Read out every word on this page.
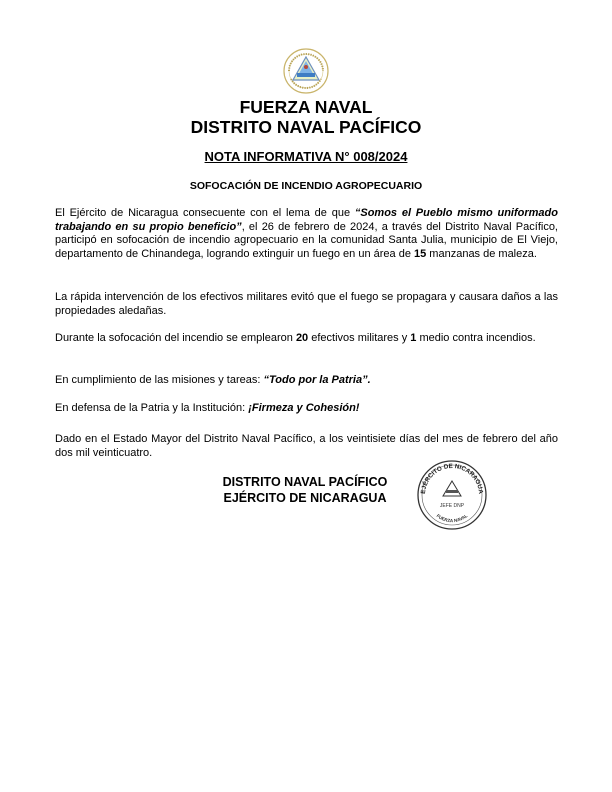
FUERZA NAVAL
DISTRITO NAVAL PACÍFICO
NOTA INFORMATIVA N° 008/2024
SOFOCACIÓN DE INCENDIO AGROPECUARIO
El Ejército de Nicaragua consecuente con el lema de que “Somos el Pueblo mismo uniformado trabajando en su propio beneficio”, el 26 de febrero de 2024, a través del Distrito Naval Pacífico, participó en sofocación de incendio agropecuario en la comunidad Santa Julia, municipio de El Viejo, departamento de Chinandega, logrando extinguir un fuego en un área de 15 manzanas de maleza.
La rápida intervención de los efectivos militares evitó que el fuego se propagara y causara daños a las propiedades aledañas.
Durante la sofocación del incendio se emplearon 20 efectivos militares y 1 medio contra incendios.
En cumplimiento de las misiones y tareas: “Todo por la Patria”.
En defensa de la Patria y la Institución: ¡Firmeza y Cohesión!
Dado en el Estado Mayor del Distrito Naval Pacífico, a los veintisiete días del mes de febrero del año dos mil veinticuatro.
DISTRITO NAVAL PACÍFICO
EJÉRCITO DE NICARAGUA	EJÉRCITO DE NICARAGUA
JEFE DNP
FUERZA NAVAL
